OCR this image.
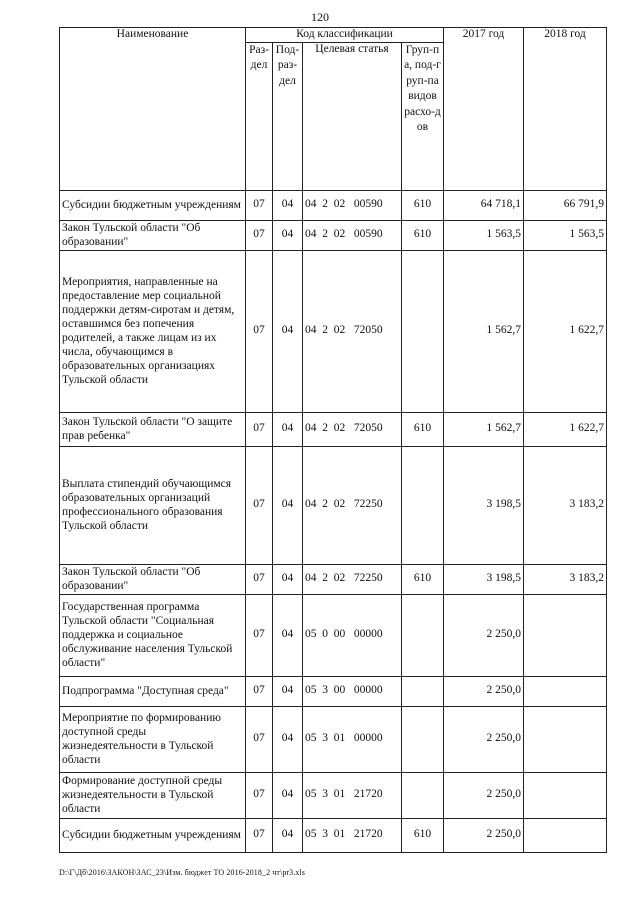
120
Наименование	Код классификации				2017 год	2018 год
	Раз-дел	Под-раз-дел	Целевая статья	Груп-па, под-груп-па видов расхо-дов		
Субсидии бюджетным учреждениям	07	04	04  2  02   00590	610	64 718,1	66 791,9
Закон Тульской области "Об образовании"	07	04	04  2  02   00590	610	1 563,5	1 563,5
Мероприятия, направленные на предоставление мер социальной поддержки детям-сиротам и детям, оставшимся без попечения родителей, а также лицам из их числа, обучающимся в образовательных организациях Тульской области	07	04	04  2  02   72050		1 562,7	1 622,7
Закон Тульской области "О защите прав ребенка"	07	04	04  2  02   72050	610	1 562,7	1 622,7
Выплата стипендий обучающимся образовательных организаций профессионального образования Тульской области	07	04	04  2  02   72250		3 198,5	3 183,2
Закон Тульской области "Об образовании"	07	04	04  2  02   72250	610	3 198,5	3 183,2
Государственная программа Тульской области "Социальная поддержка и социальное обслуживание населения Тульской области"	07	04	05  0  00   00000		2 250,0	
Подпрограмма "Доступная среда"	07	04	05  3  00   00000		2 250,0	
Мероприятие по формированию доступной среды жизнедеятельности в Тульской области	07	04	05  3  01   00000		2 250,0	
Формирование доступной среды жизнедеятельности в Тульской области	07	04	05  3  01   21720		2 250,0	
Субсидии бюджетным учреждениям	07	04	05  3  01   21720	610	2 250,0	
D:\Г\Дб\2016\ЗАКОН\ЗАС_23\Изм. бюджет ТО 2016-2018_2 чт\pr3.xls
